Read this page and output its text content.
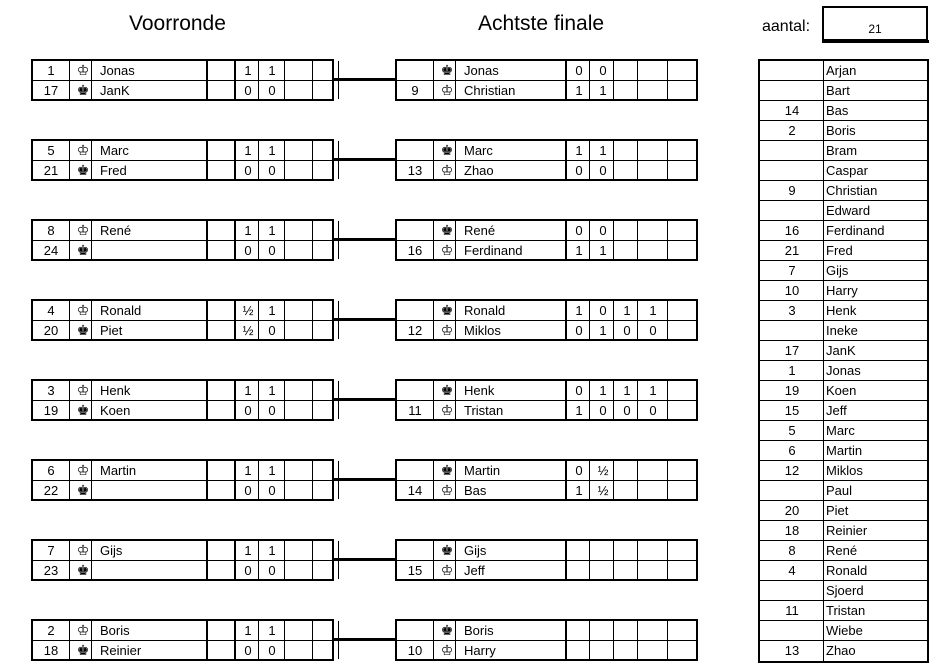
Voorronde	Achtste finale	aantal:	21
1	♔ Jonas	1	1
17	♚ JanK	0	0
5	♔ Marc	1	1
21	♚ Fred	0	0
8	♔ René	1	1
24	♚	0	0
4	♔ Ronald	½	1
20	♚ Piet	½	0
3	♔ Henk	1	1
19	♚ Koen	0	0
6	♔ Martin	1	1
22	♚	0	0
7	♔ Gijs	1	1
23	♚	0	0
2	♔ Boris	1	1
18	♚ Reinier	0	0
♚ Jonas	0	0
9	♔ Christian	1	1
♚ Marc	1	1
13	♔ Zhao	0	0
♚ René	0	0
16	♔ Ferdinand	1	1
♚ Ronald	1	0	1	1
12	♔ Miklos	0	1	0	0
♚ Henk	0	1	1	1
11	♔ Tristan	1	0	0	0
♚ Martin	0	½
14	♔ Bas	1	½
♚ Gijs
15	♔ Jeff
♚ Boris
10	♔ Harry
Arjan
Bart
14	Bas
2	Boris
Bram
Caspar
9	Christian
Edward
16	Ferdinand
21	Fred
7	Gijs
10	Harry
3	Henk
Ineke
17	JanK
1	Jonas
19	Koen
15	Jeff
5	Marc
6	Martin
12	Miklos
Paul
20	Piet
18	Reinier
8	René
4	Ronald
Sjoerd
11	Tristan
Wiebe
13	Zhao
